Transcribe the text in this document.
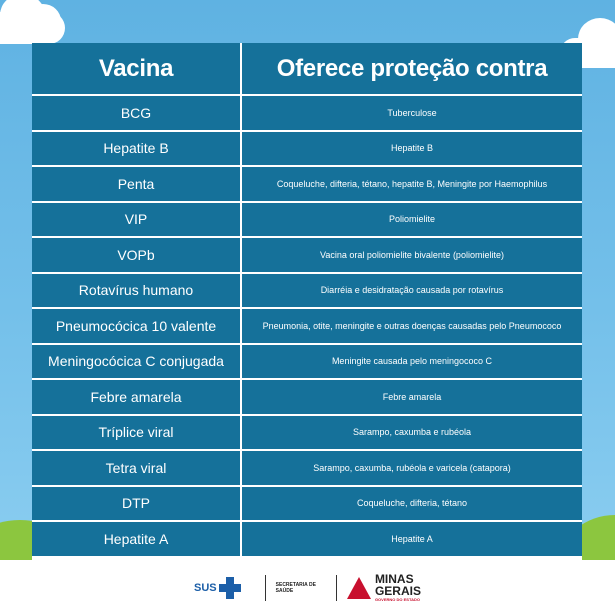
Vacina	Oferece proteção contra
BCG	Tuberculose
Hepatite B	Hepatite B
Penta	Coqueluche, difteria, tétano, hepatite B, Meningite por Haemophilus
VIP	Poliomielite
VOPb	Vacina oral poliomielite bivalente (poliomielite)
Rotavírus humano	Diarréia e desidratação causada por rotavírus
Pneumocócica 10 valente	Pneumonia, otite, meningite e outras doenças causadas pelo Pneumococo
Meningocócica C conjugada	Meningite causada pelo meningococo C
Febre amarela	Febre amarela
Tríplice viral	Sarampo, caxumba e rubéola
Tetra viral	Sarampo, caxumba, rubéola e varicela (catapora)
DTP	Coqueluche, difteria, tétano
Hepatite A	Hepatite A
SUS	SECRETARIA DE
SAÚDE
MINAS
GERAIS
GOVERNO DO ESTADO
